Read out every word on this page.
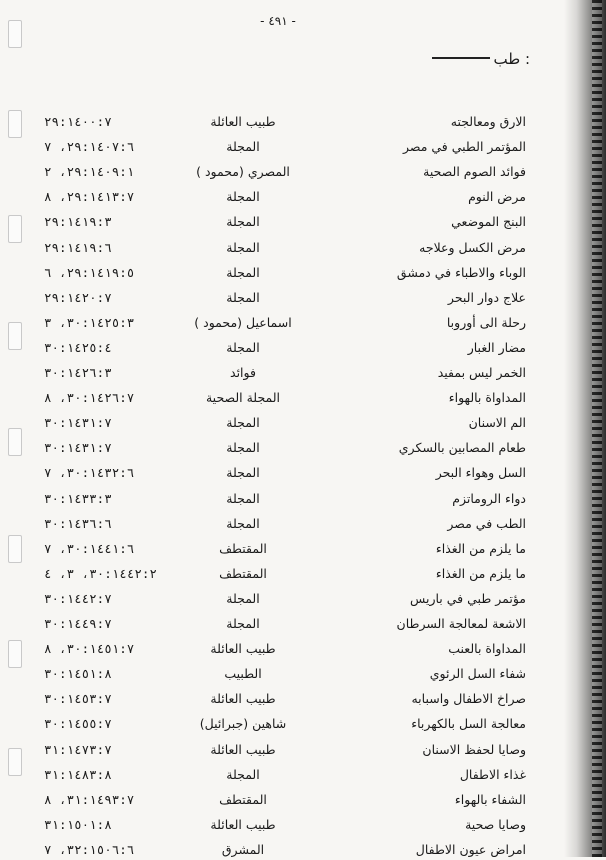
- ٤٩١ -
طب :
الارق ومعالجته
طبيب العائلة
٢٩:١٤٠٠:٧
المؤتمر الطبي في مصر
المجلة
٢٩:١٤٠٧:٦، ٧
فوائد الصوم الصحية
المصري (محمود )
٢٩:١٤٠٩:١، ٢
مرض النوم
المجلة
٢٩:١٤١٣:٧، ٨
البنج الموضعي
المجلة
٢٩:١٤١٩:٣
مرض الكسل وعلاجه
المجلة
٢٩:١٤١٩:٦
الوباء والاطباء في دمشق
المجلة
٢٩:١٤١٩:٥، ٦
علاج دوار البحر
المجلة
٢٩:١٤٢٠:٧
رحلة الى أوروبا
اسماعيل (محمود )
٣٠:١٤٢٥:٣، ٣
مضار الغبار
المجلة
٣٠:١٤٢٥:٤
الخمر ليس بمفيد
فوائد
٣٠:١٤٢٦:٣
المداواة بالهواء
المجلة الصحية
٣٠:١٤٢٦:٧، ٨
الم الاسنان
المجلة
٣٠:١٤٣١:٧
طعام المصابين بالسكري
المجلة
٣٠:١٤٣١:٧
السل وهواء البحر
المجلة
٣٠:١٤٣٢:٦، ٧
دواء الروماتزم
المجلة
٣٠:١٤٣٣:٣
الطب في مصر
المجلة
٣٠:١٤٣٦:٦
ما يلزم من الغذاء
المقتطف
٣٠:١٤٤١:٦، ٧
ما يلزم من الغذاء
المقتطف
٣٠:١٤٤٢:٢، ٣، ٤
مؤتمر طبي في باريس
المجلة
٣٠:١٤٤٢:٧
الاشعة لمعالجة السرطان
المجلة
٣٠:١٤٤٩:٧
المداواة بالعنب
طبيب العائلة
٣٠:١٤٥١:٧، ٨
شفاء السل الرئوي
الطبيب
٣٠:١٤٥١:٨
صراخ الاطفال واسبابه
طبيب العائلة
٣٠:١٤٥٣:٧
معالجة السل بالكهرباء
شاهين (جبرائيل)
٣٠:١٤٥٥:٧
وصايا لحفظ الاسنان
طبيب العائلة
٣١:١٤٧٣:٧
غذاء الاطفال
المجلة
٣١:١٤٨٣:٨
الشفاء بالهواء
المقتطف
٣١:١٤٩٣:٧، ٨
وصايا صحية
طبيب العائلة
٣١:١٥٠١:٨
امراض عيون الاطفال
المشرق
٣٢:١٥٠٦:٦، ٧
